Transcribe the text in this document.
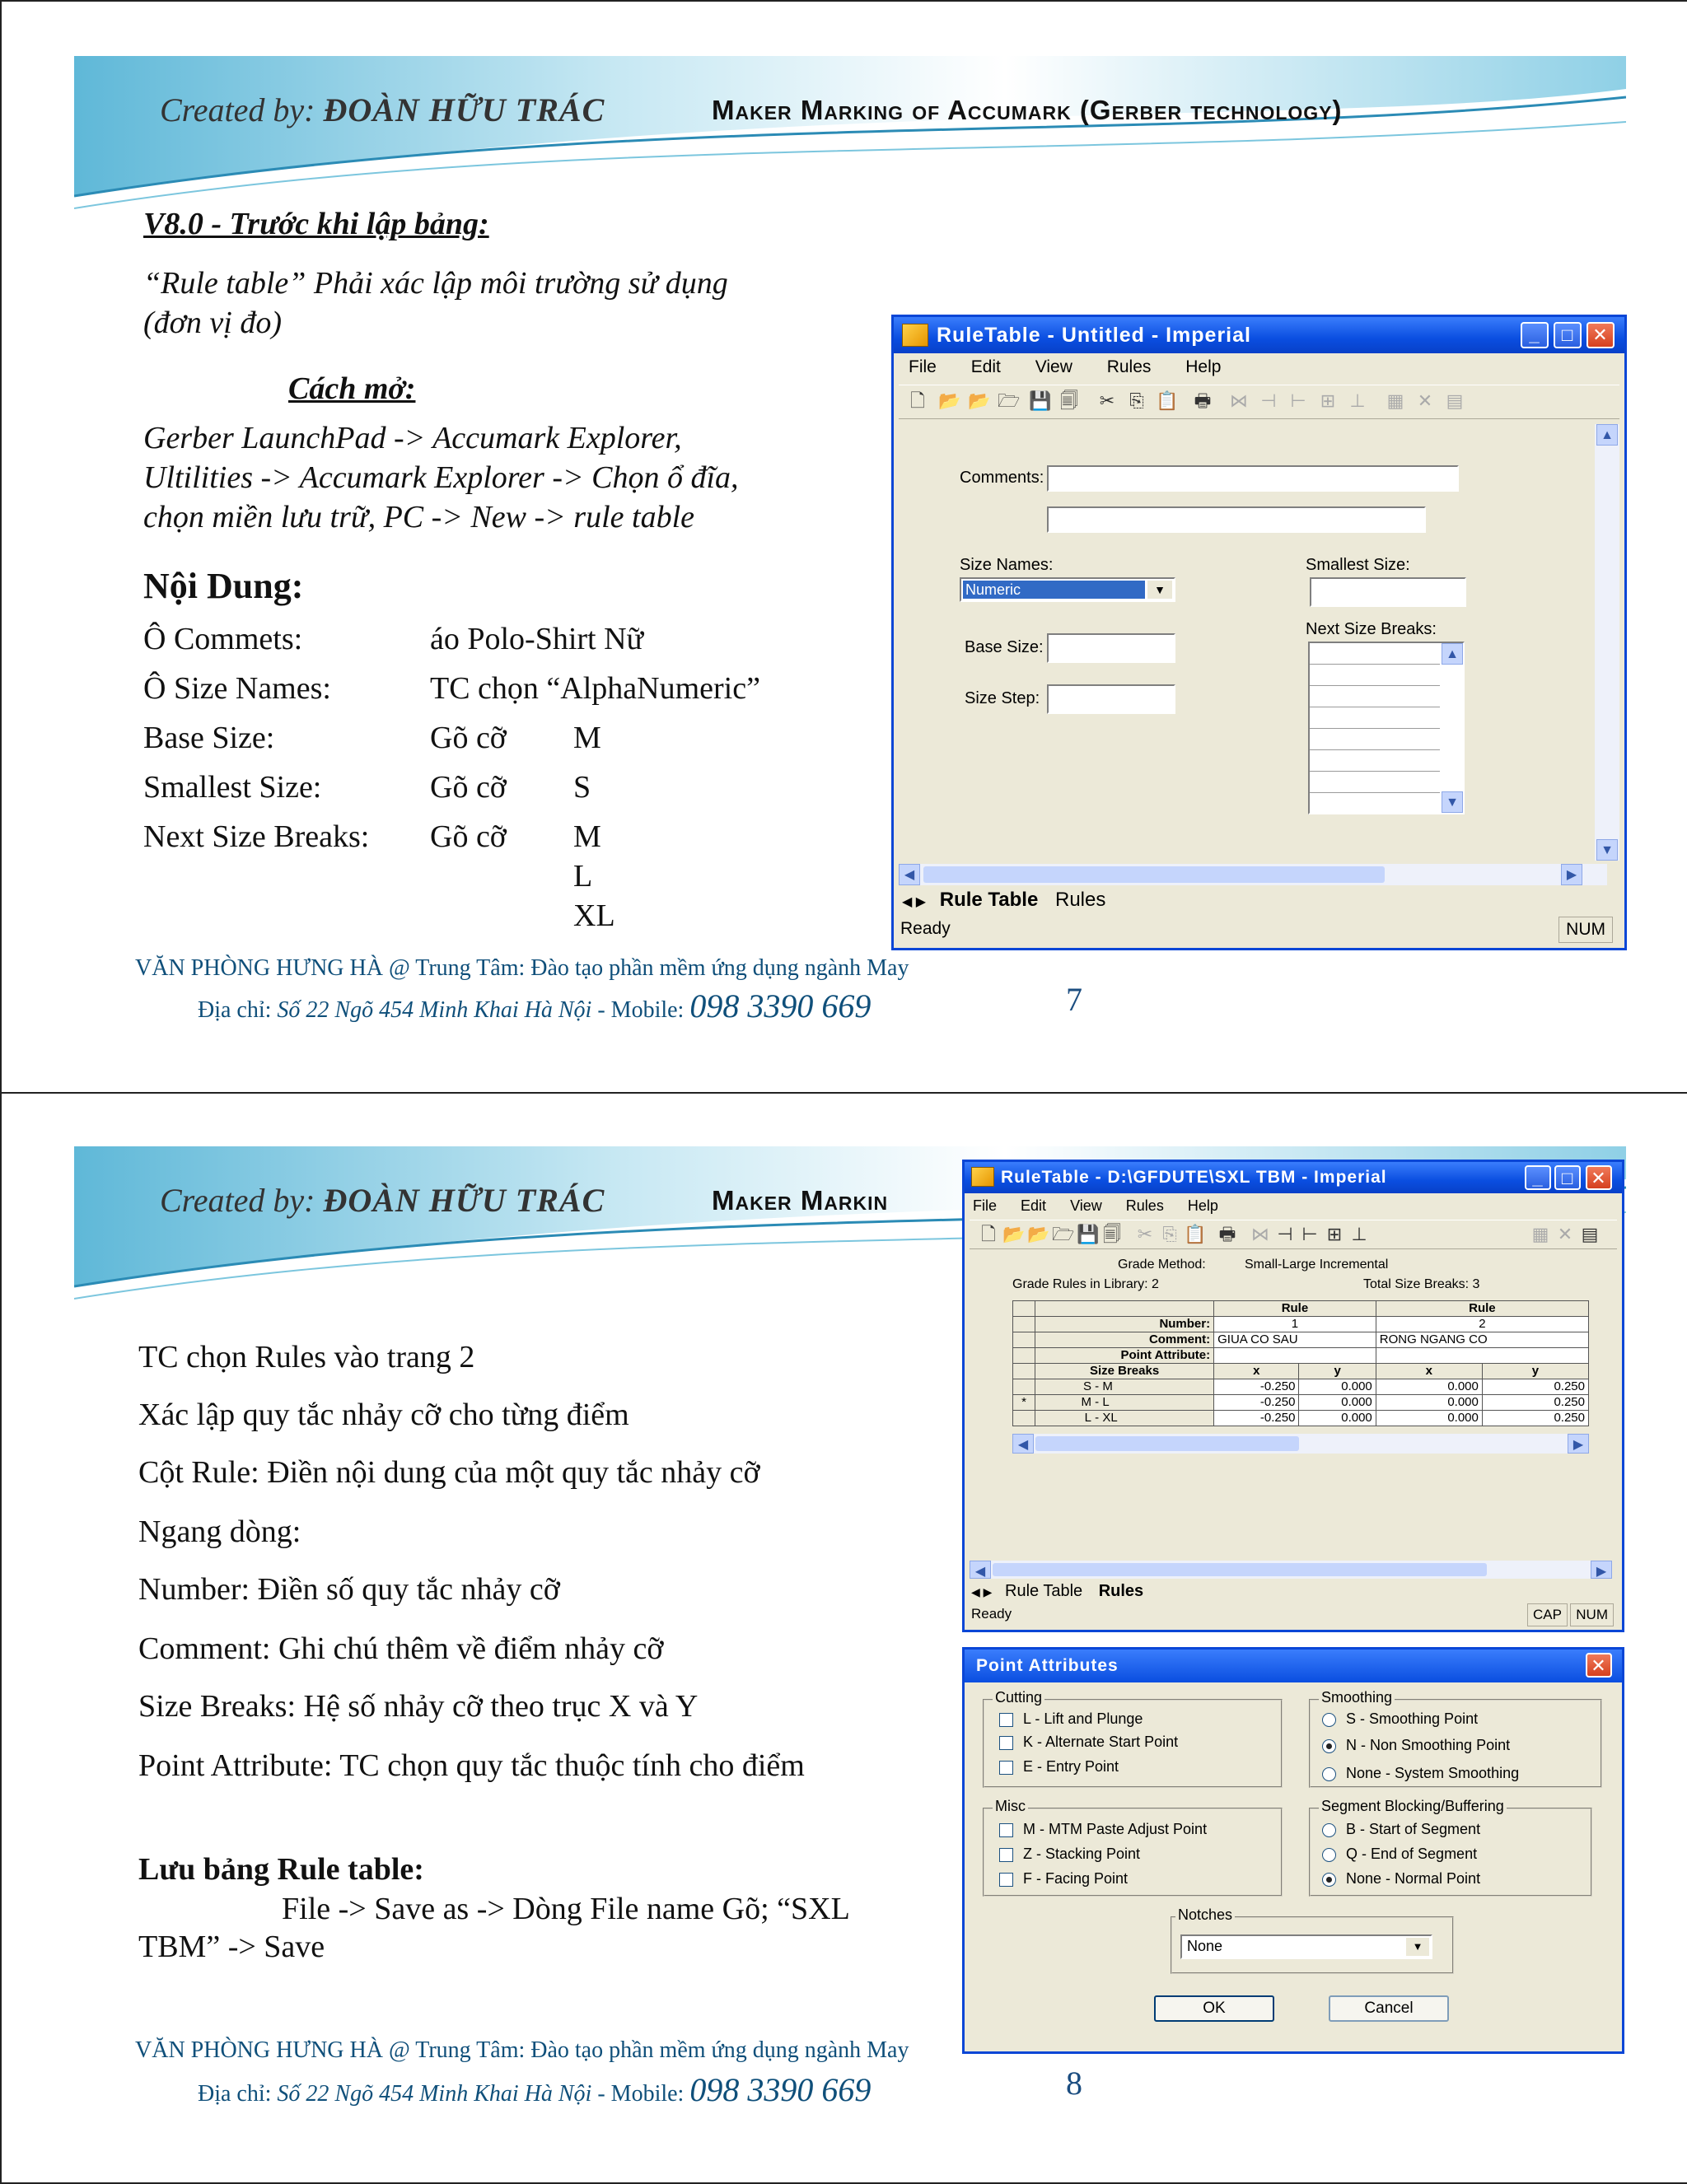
Created by: ĐOÀN HỮU TRÁC	Maker Marking of Accumark (Gerber technology)
V8.0 - Trước khi lập bảng:
“Rule table” Phải xác lập môi trường sử dụng
(đơn vị đo)
Cách mở:
Gerber LaunchPad -> Accumark Explorer,
Ultilities -> Accumark Explorer -> Chọn ổ đĩa,
chọn miền lưu trữ, PC -> New -> rule table
Nội Dung:
Ô Commets:	áo Polo-Shirt Nữ
Ô Size Names:	TC chọn “AlphaNumeric”
Base Size:	Gõ cỡ M
Smallest Size:	Gõ cỡ S
Next Size Breaks: Gõ cỡ M
L
XL
VĂN PHÒNG HƯNG HÀ @ Trung Tâm: Đào tạo phần mềm ứng dụng ngành May
Địa chỉ: Số 22 Ngõ 454 Minh Khai Hà Nội - Mobile: 098 3390 669	7
RuleTable - Untitled - Imperial	_	□	✕
File Edit View Rules Help
🗋 📂 📂 🗁 💾 🗐 ✂ ⎘ 📋 🖶 ⋈ ⊣ ⊢ ⊞ ⊥ ▦ ✕ ▤
Comments:
Size Names:
Numeric	▼
Smallest Size:
Next Size Breaks:
▲
▼
Base Size:
Size Step:
▲
▼
◀	▶
◀ ▶ Rule Table Rules
Ready	NUM
Created by: ĐOÀN HỮU TRÁC	Maker Markin
TC chọn Rules vào trang 2
Xác lập quy tắc nhảy cỡ cho từng điểm
Cột Rule: Điền nội dung của một quy tắc nhảy cỡ
Ngang dòng:
Number: Điền số quy tắc nhảy cỡ
Comment: Ghi chú thêm về điểm nhảy cỡ
Size Breaks: Hệ số nhảy cỡ theo trục X và Y
Point Attribute: TC chọn quy tắc thuộc tính cho điểm
Lưu bảng Rule table:
File -> Save as -> Dòng File name Gõ; “SXL
TBM” -> Save
VĂN PHÒNG HƯNG HÀ @ Trung Tâm: Đào tạo phần mềm ứng dụng ngành May
Địa chỉ: Số 22 Ngõ 454 Minh Khai Hà Nội - Mobile: 098 3390 669	8
RuleTable - D:\GFDUTE\SXL TBM - Imperial	_	□ ✕
File Edit View Rules Help
🗋 📂 📂 🗁 💾 🗐 ✂ ⎘ 📋 🖶 ⋈ ⊣ ⊢ ⊞ ⊥	▦ ✕ ▤
Grade Method:	Small-Large Incremental
Grade Rules in Library: 2	Total Size Breaks: 3
		Rule		Rule	
	Number:	1		2	
	Comment:	GIUA CO SAU		RONG NGANG CO	
	Point Attribute:				
	Size Breaks	x	y	x	y
	S - M	-0.250	0.000	0.000	0.250
*	M - L	-0.250	0.000	0.000	0.250
	L - XL	-0.250	0.000	0.000	0.250
◀	▶
◀	▶
◀ ▶ Rule Table Rules
Ready	CAP	NUM
Point Attributes	✕
Cutting
L - Lift and Plunge
K - Alternate Start Point
E - Entry Point
Smoothing
S - Smoothing Point
N - Non Smoothing Point
None - System Smoothing
Misc
M - MTM Paste Adjust Point
Z - Stacking Point
F - Facing Point
Segment Blocking/Buffering
B - Start of Segment
Q - End of Segment
None - Normal Point
Notches
None	▼
OK	Cancel
